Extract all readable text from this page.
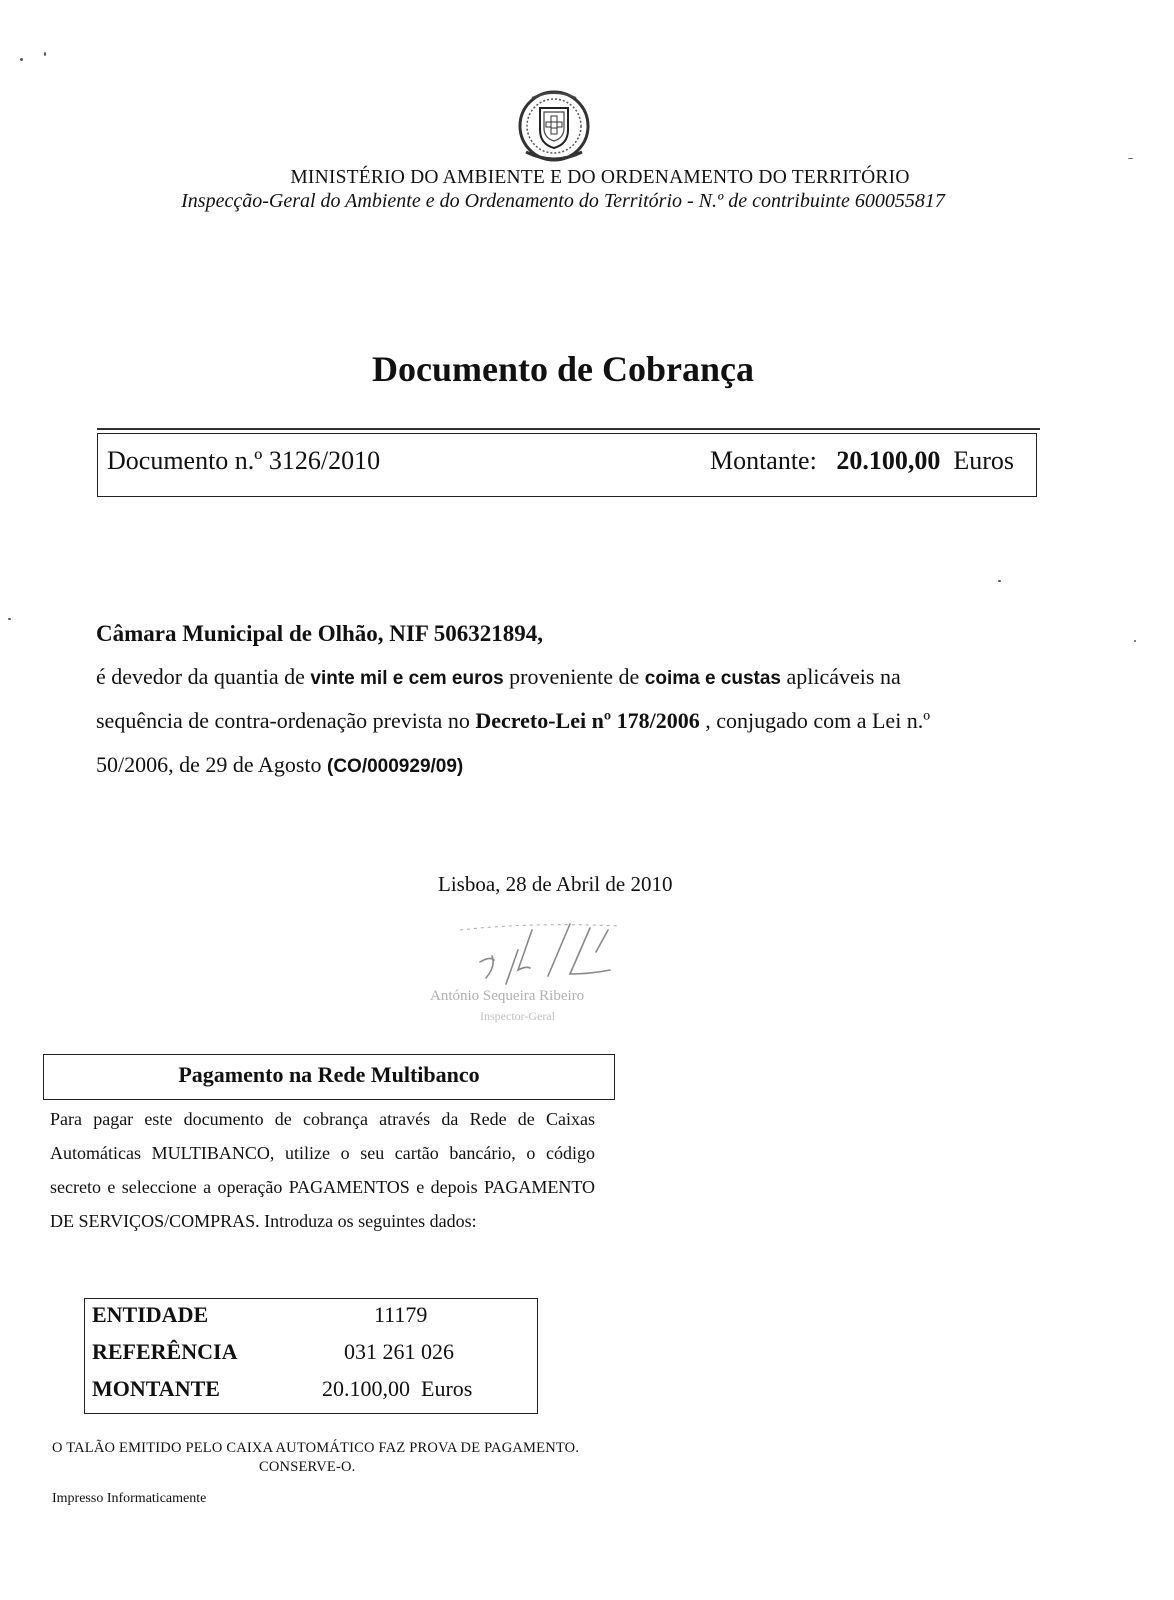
MINISTÉRIO DO AMBIENTE E DO ORDENAMENTO DO TERRITÓRIO
Inspecção-Geral do Ambiente e do Ordenamento do Território - N.º de contribuinte 600055817
Documento de Cobrança
Documento n.º 3126/2010	Montante: 20.100,00 Euros
Câmara Municipal de Olhão, NIF 506321894,
é devedor da quantia de vinte mil e cem euros proveniente de coima e custas aplicáveis na
sequência de contra-ordenação prevista no Decreto-Lei nº 178/2006 , conjugado com a Lei n.º
50/2006, de 29 de Agosto (CO/000929/09)
Lisboa, 28 de Abril de 2010
António Sequeira Ribeiro
Inspector-Geral
Pagamento na Rede Multibanco
Para pagar este documento de cobrança através da Rede de Caixas Automáticas MULTIBANCO, utilize o seu cartão bancário, o código secreto e seleccione a operação PAGAMENTOS e depois PAGAMENTO DE SERVIÇOS/COMPRAS. Introduza os seguintes dados:
ENTIDADE	11179
REFERÊNCIA	031 261 026
MONTANTE	20.100,00  Euros
O TALÃO EMITIDO PELO CAIXA AUTOMÁTICO FAZ PROVA DE PAGAMENTO.
CONSERVE-O.
Impresso Informaticamente
